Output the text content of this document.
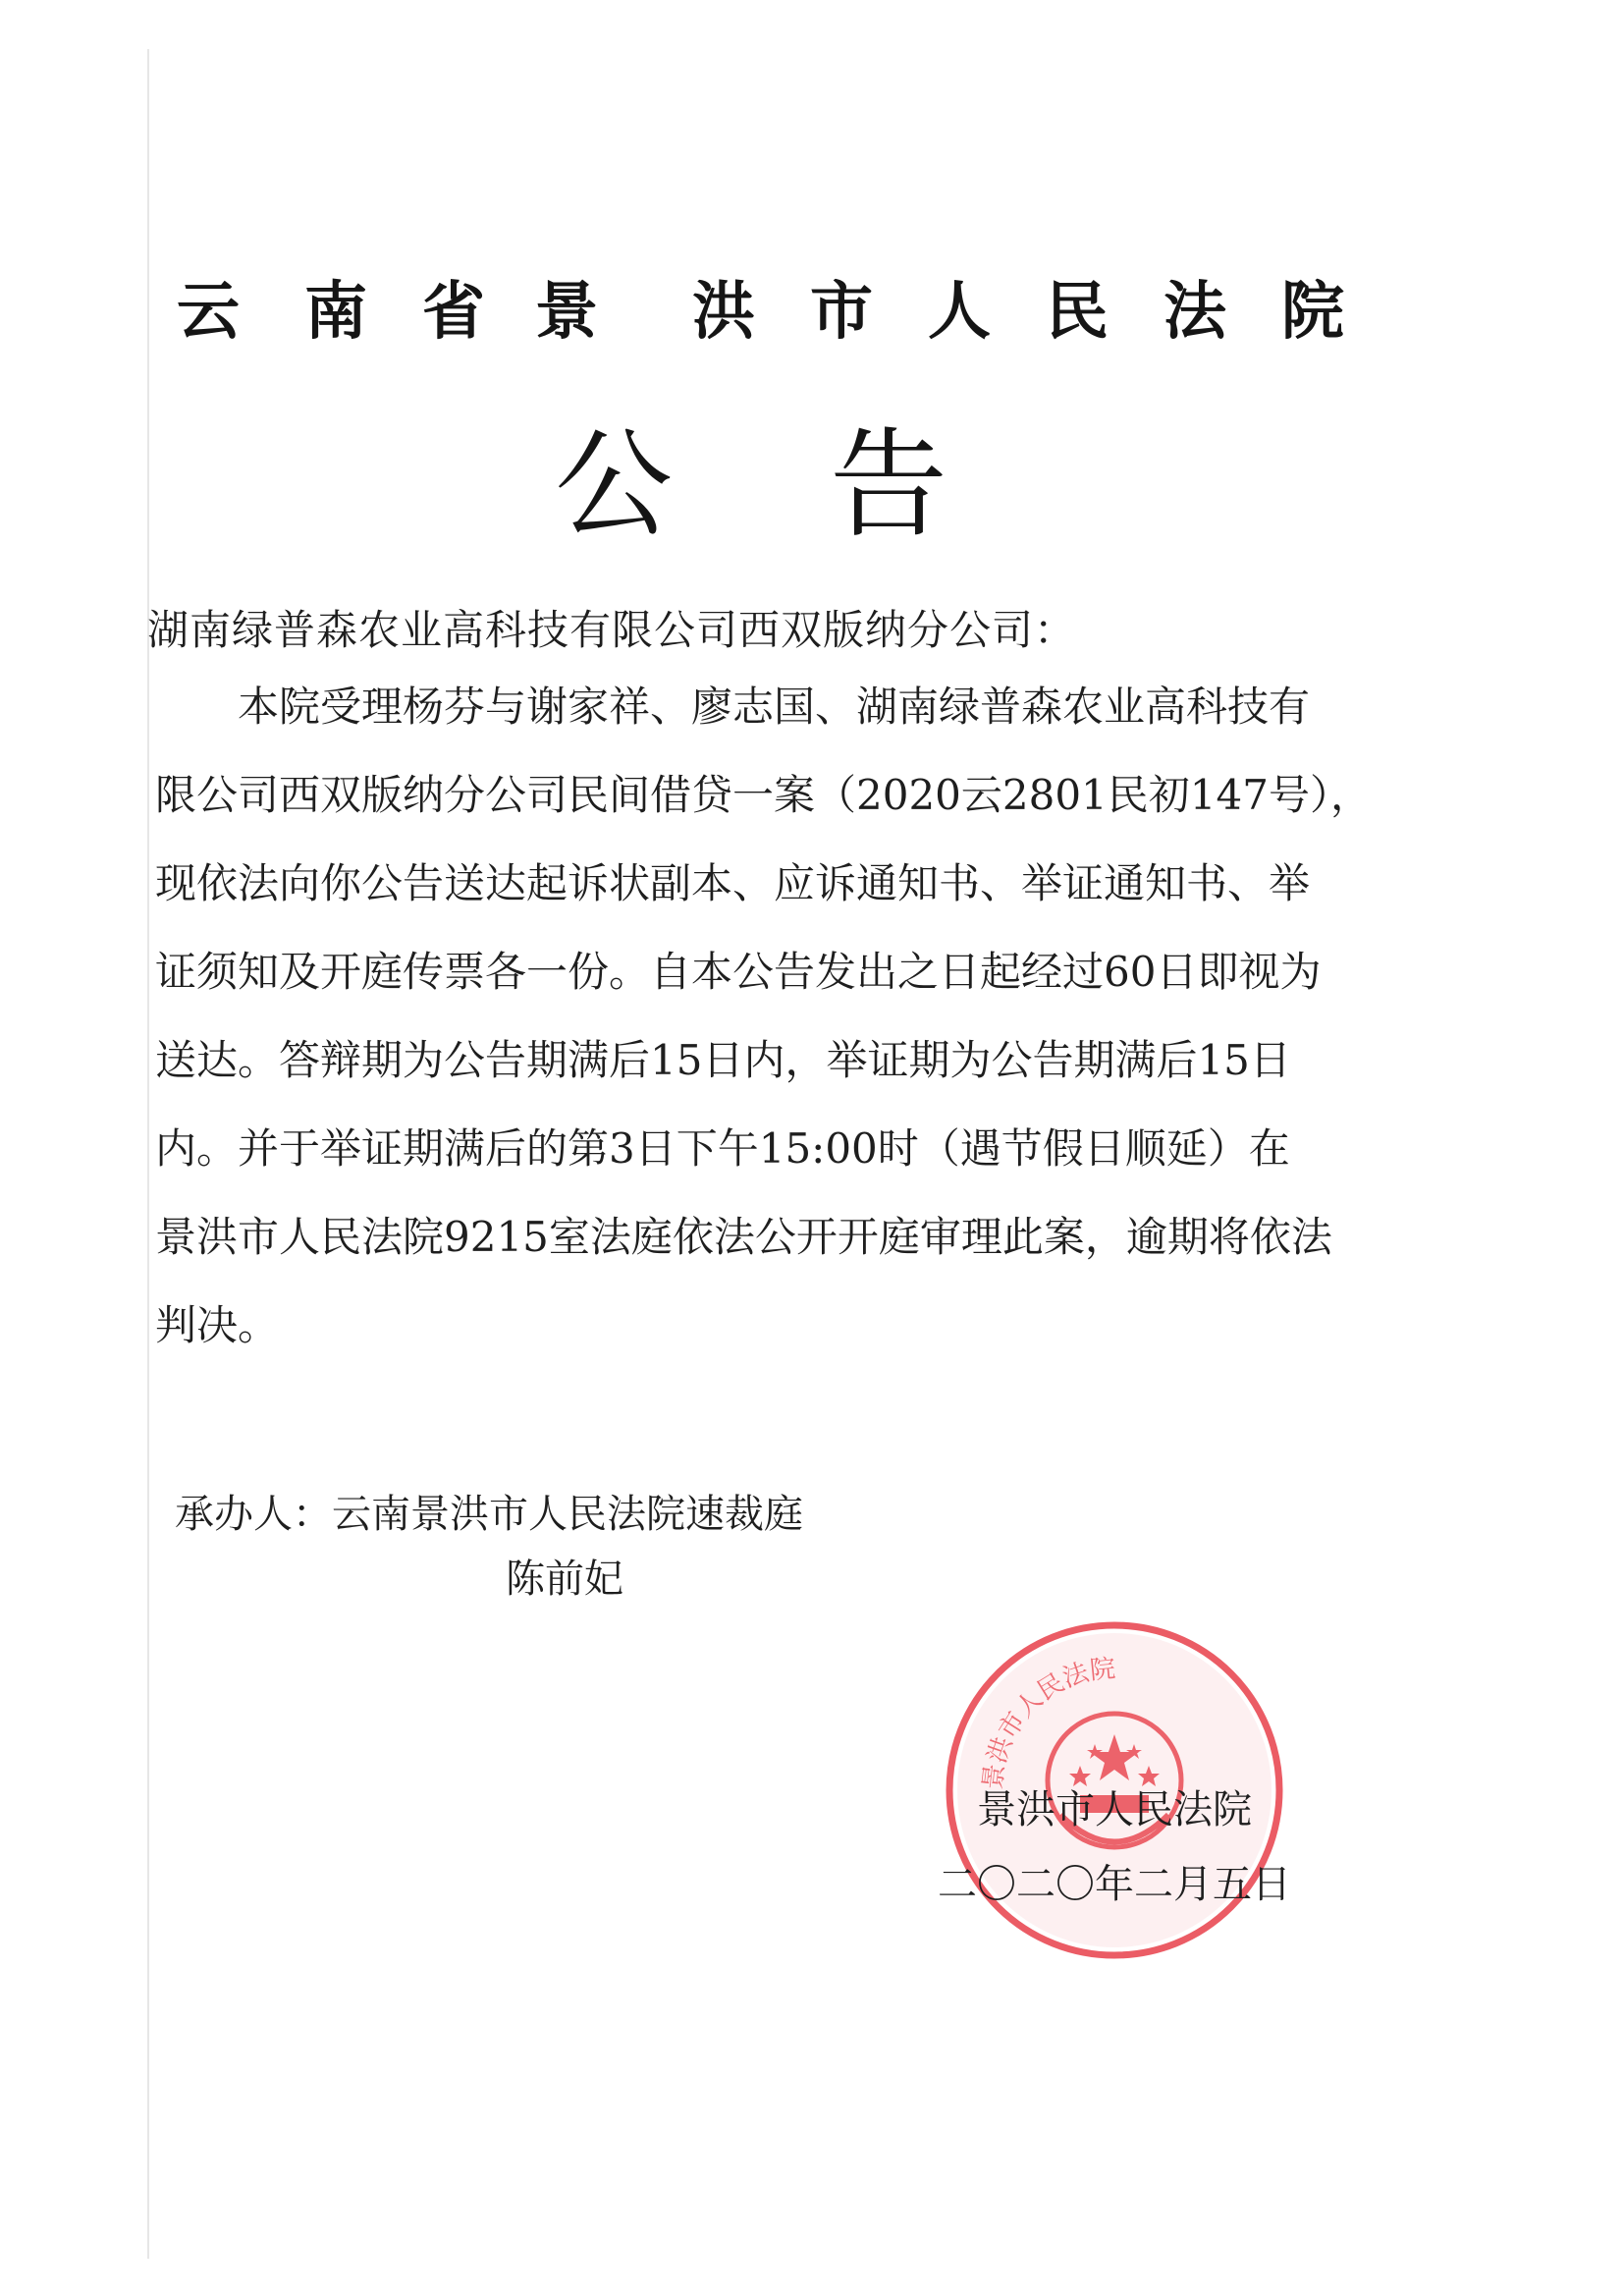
云 南 省 景 洪 市 人 民 法 院
公 告
湖南绿普森农业高科技有限公司西双版纳分公司：
本院受理杨芬与谢家祥、廖志国、湖南绿普森农业高科技有
限公司西双版纳分公司民间借贷一案（2020云2801民初147号），
现依法向你公告送达起诉状副本、应诉通知书、举证通知书、举
证须知及开庭传票各一份。自本公告发出之日起经过60日即视为
送达。答辩期为公告期满后15日内，举证期为公告期满后15日
内。并于举证期满后的第3日下午15:00时（遇节假日顺延）在
景洪市人民法院9215室法庭依法公开开庭审理此案，逾期将依法
判决。
承办人：云南景洪市人民法院速裁庭
陈前妃
景洪市人民法院
景洪市人民法院
二〇二〇年二月五日
